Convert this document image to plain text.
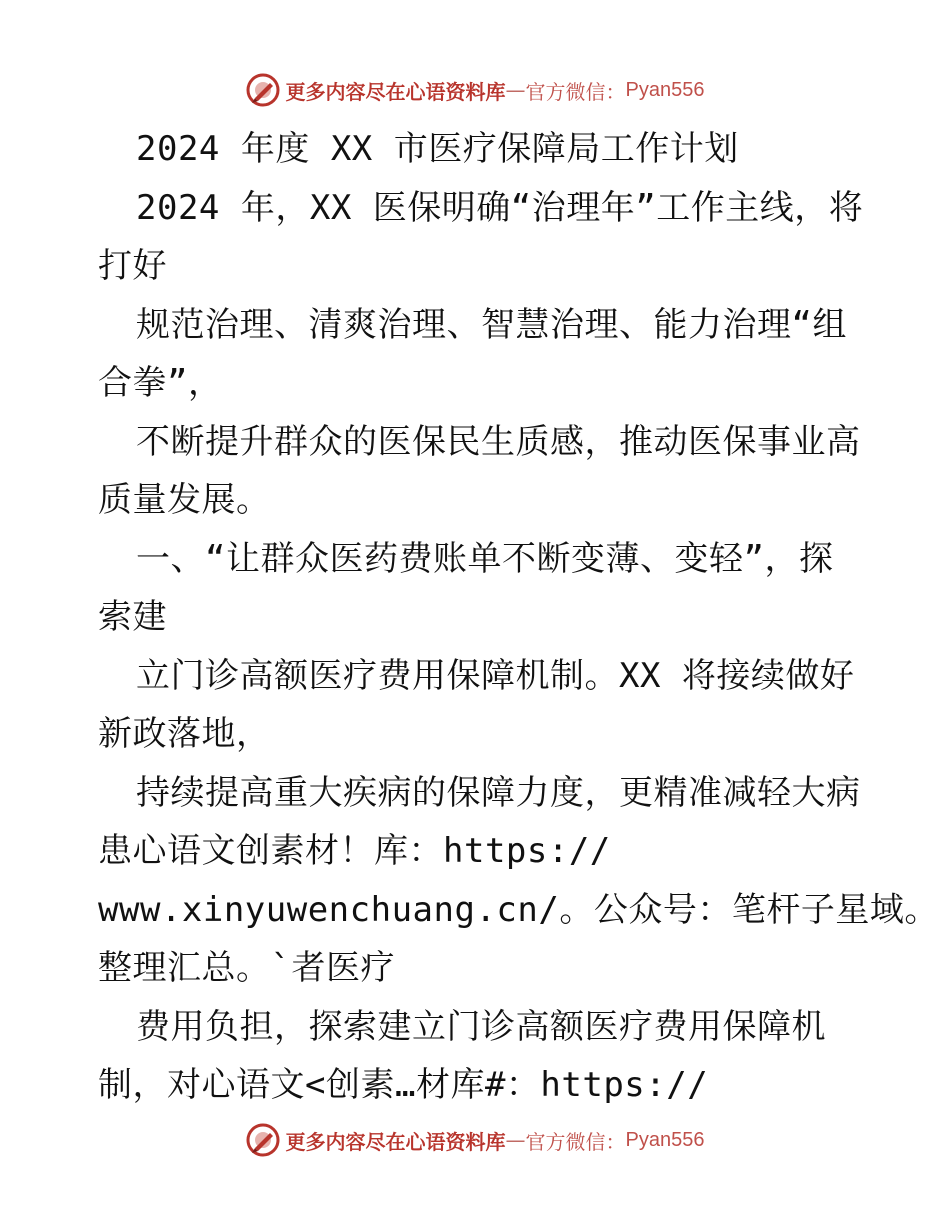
更多内容尽在心语资料库 — 官方微信： Pyan556
2024 年度 XX 市医疗保障局工作计划
2024 年，XX 医保明确“治理年”工作主线，将
打好
规范治理、清爽治理、智慧治理、能力治理“组
合拳”，
不断提升群众的医保民生质感，推动医保事业高
质量发展。
一、“让群众医药费账单不断变薄、变轻”，探
索建
立门诊高额医疗费用保障机制。XX 将接续做好
新政落地，
持续提高重大疾病的保障力度，更精准减轻大病
患心语文创素材！库：https://
www.xinyuwenchuang.cn/。公众号：笔杆子星域。
整理汇总。`者医疗
费用负担，探索建立门诊高额医疗费用保障机
制，对心语文<创素…材库#：https://
更多内容尽在心语资料库 — 官方微信： Pyan556
